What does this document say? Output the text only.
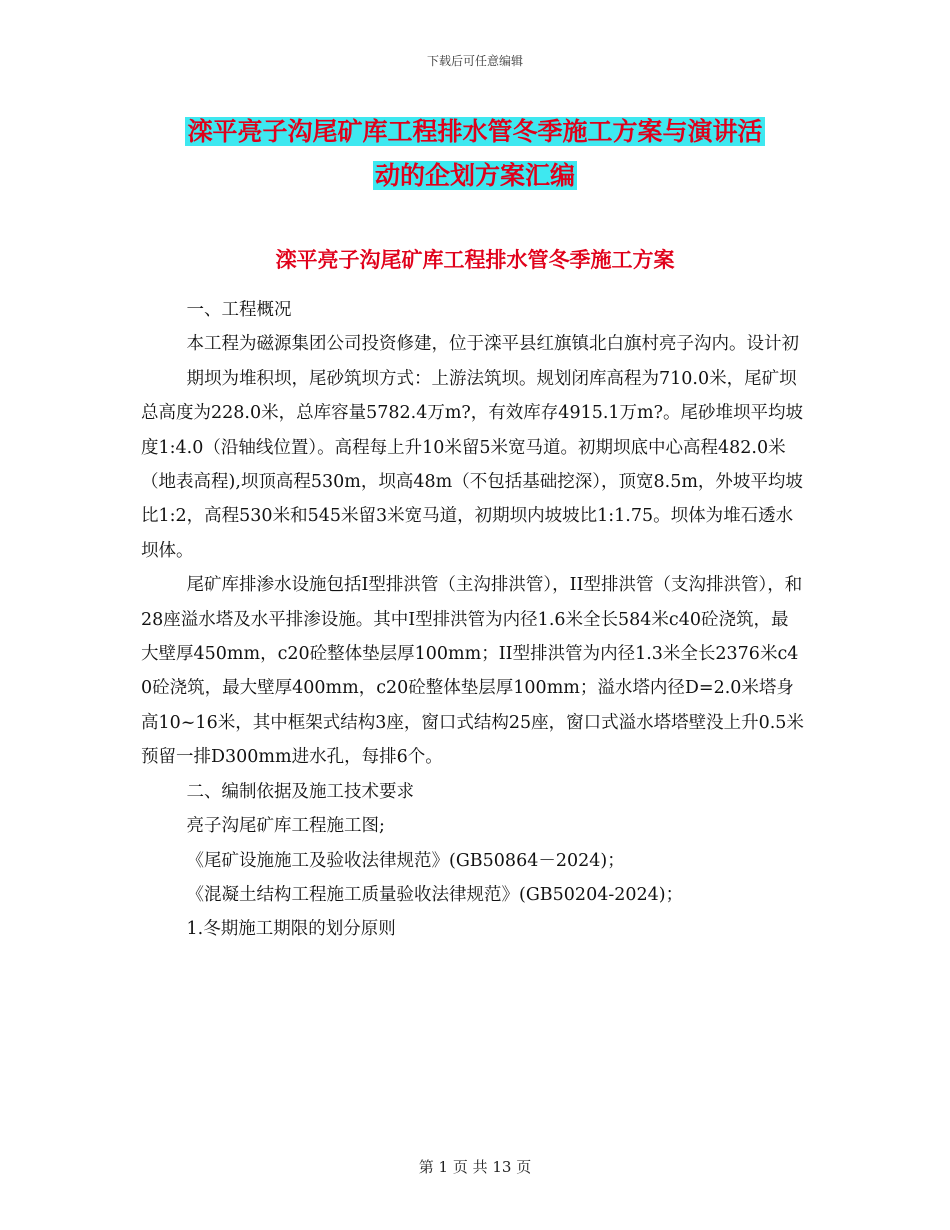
下载后可任意编辑
滦平亮子沟尾矿库工程排水管冬季施工方案与演讲活
动的企划方案汇编
滦平亮子沟尾矿库工程排水管冬季施工方案

一、工程概况

本工程为磁源集团公司投资修建，位于滦平县红旗镇北白旗村亮子沟内。设计初

期坝为堆积坝，尾砂筑坝方式：上游法筑坝。规划闭库高程为710.0米，尾矿坝总高度为228.0米，总库容量5782.4万m?，有效库存4915.1万m?。尾砂堆坝平均坡度1:4.0（沿轴线位置）。高程每上升10米留5米宽马道。初期坝底中心高程482.0米（地表高程),坝顶高程530m，坝高48m（不包括基础挖深），顶宽8.5m，外坡平均坡比1:2，高程530米和545米留3米宽马道，初期坝内坡坡比1:1.75。坝体为堆石透水坝体。

尾矿库排渗水设施包括I型排洪管（主沟排洪管），II型排洪管（支沟排洪管），和28座溢水塔及水平排渗设施。其中I型排洪管为内径1.6米全长584米c40砼浇筑，最大壁厚450mm，c20砼整体垫层厚100mm；II型排洪管为内径1.3米全长2376米c40砼浇筑，最大壁厚400mm，c20砼整体垫层厚100mm；溢水塔内径D=2.0米塔身高10~16米，其中框架式结构3座，窗口式结构25座，窗口式溢水塔塔壁没上升0.5米预留一排D300mm进水孔，每排6个。

二、编制依据及施工技术要求

亮子沟尾矿库工程施工图;

《尾矿设施施工及验收法律规范》(GB50864－2024)；

《混凝土结构工程施工质量验收法律规范》(GB50204-2024)；

1.冬期施工期限的划分原则

第 1 页 共 13 页
